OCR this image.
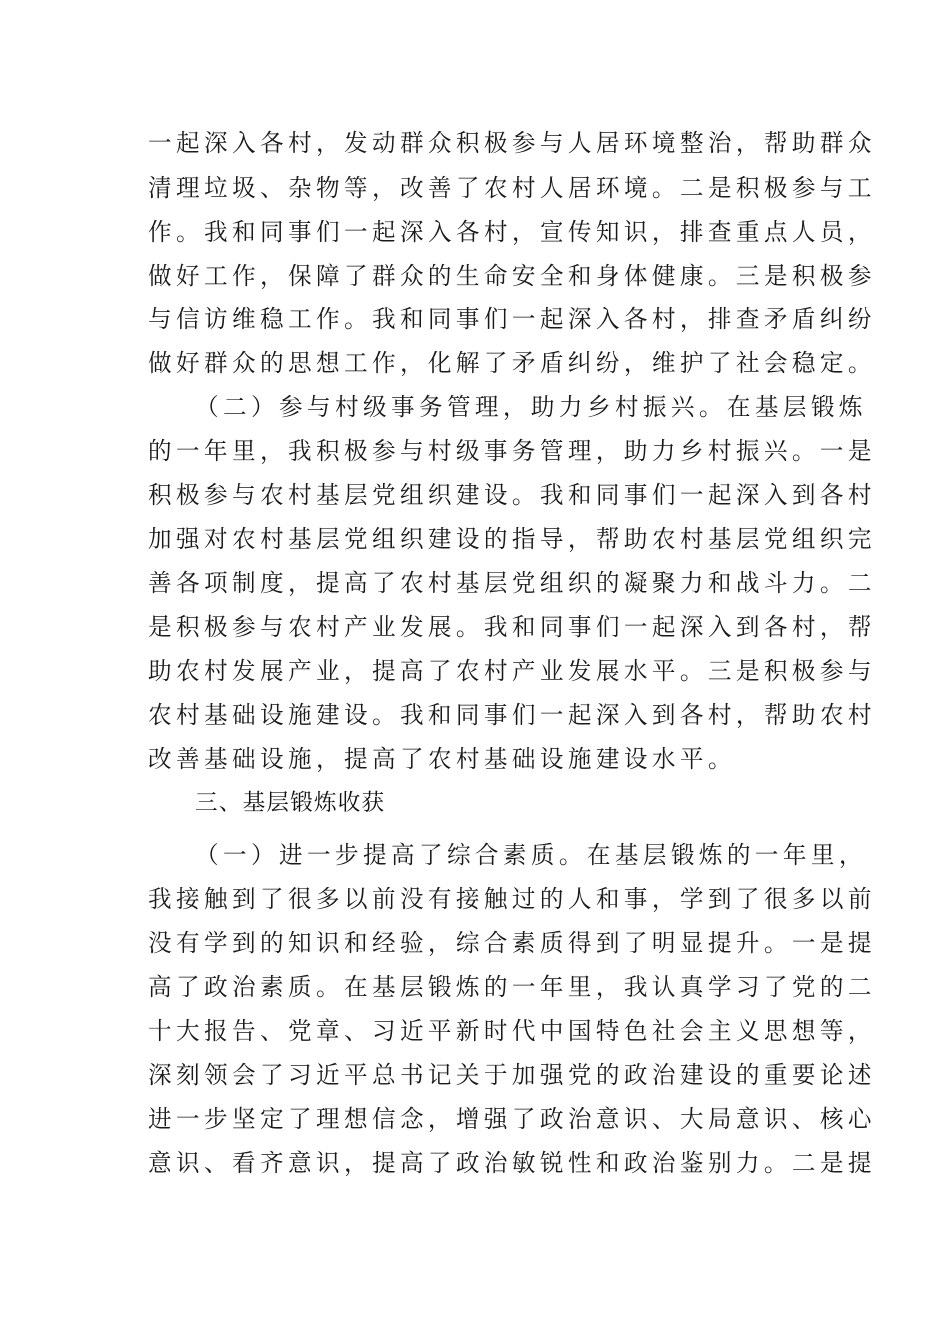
一起深入各村，发动群众积极参与人居环境整治，帮助群众
清理垃圾、杂物等，改善了农村人居环境。二是积极参与工
作。我和同事们一起深入各村，宣传知识，排查重点人员，
做好工作，保障了群众的生命安全和身体健康。三是积极参
与信访维稳工作。我和同事们一起深入各村，排查矛盾纠纷
做好群众的思想工作，化解了矛盾纠纷，维护了社会稳定。
（二）参与村级事务管理，助力乡村振兴。在基层锻炼
的一年里，我积极参与村级事务管理，助力乡村振兴。一是
积极参与农村基层党组织建设。我和同事们一起深入到各村
加强对农村基层党组织建设的指导，帮助农村基层党组织完
善各项制度，提高了农村基层党组织的凝聚力和战斗力。二
是积极参与农村产业发展。我和同事们一起深入到各村，帮
助农村发展产业，提高了农村产业发展水平。三是积极参与
农村基础设施建设。我和同事们一起深入到各村，帮助农村
改善基础设施，提高了农村基础设施建设水平。
三、基层锻炼收获
（一）进一步提高了综合素质。在基层锻炼的一年里，
我接触到了很多以前没有接触过的人和事，学到了很多以前
没有学到的知识和经验，综合素质得到了明显提升。一是提
高了政治素质。在基层锻炼的一年里，我认真学习了党的二
十大报告、党章、习近平新时代中国特色社会主义思想等，
深刻领会了习近平总书记关于加强党的政治建设的重要论述
进一步坚定了理想信念，增强了政治意识、大局意识、核心
意识、看齐意识，提高了政治敏锐性和政治鉴别力。二是提
